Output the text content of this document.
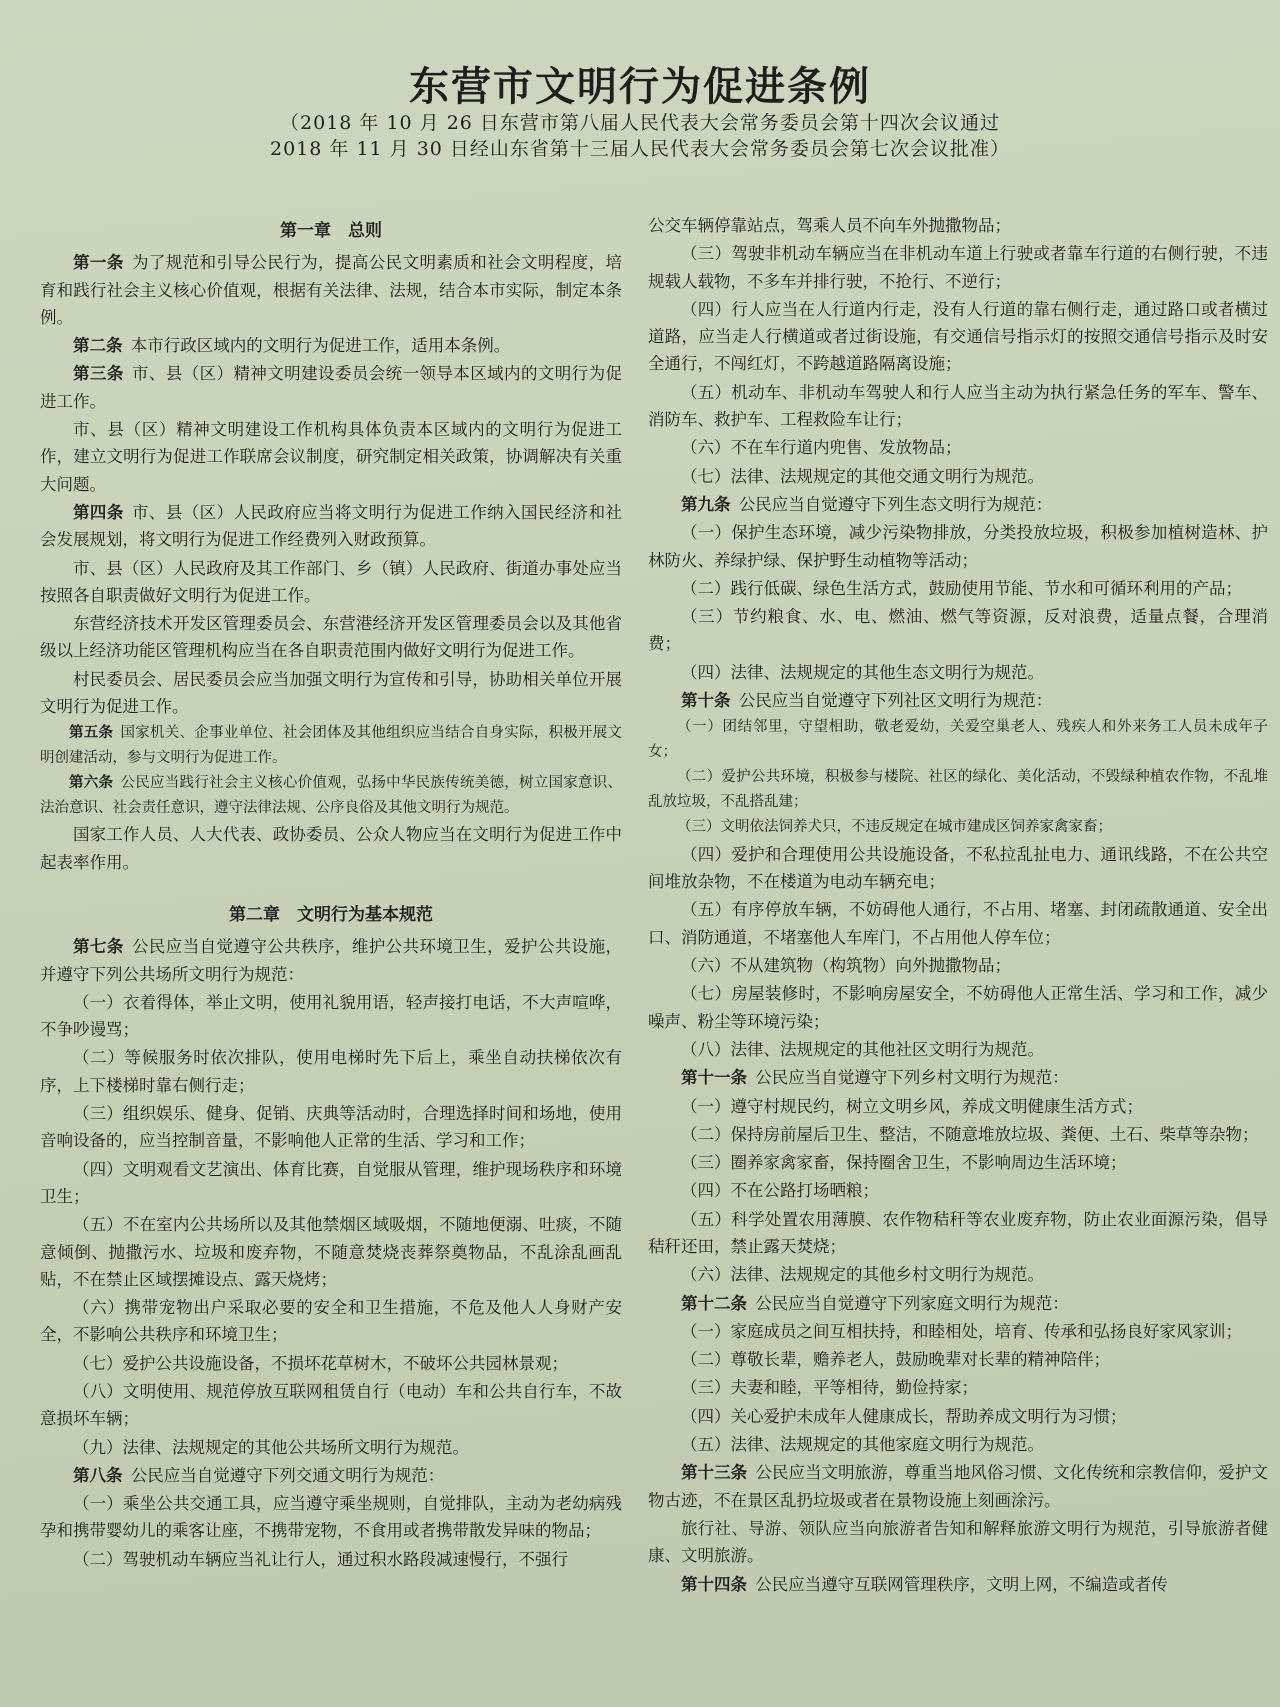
东营市文明行为促进条例

（2018 年 10 月 26 日东营市第八届人民代表大会常务委员会第十四次会议通过

2018 年 11 月 30 日经山东省第十三届人民代表大会常务委员会第七次会议批准）

第一章　总则

第一条 为了规范和引导公民行为，提高公民文明素质和社会文明程度，培育和践行社会主义核心价值观，根据有关法律、法规，结合本市实际，制定本条例。

第二条 本市行政区域内的文明行为促进工作，适用本条例。

第三条 市、县（区）精神文明建设委员会统一领导本区域内的文明行为促进工作。

市、县（区）精神文明建设工作机构具体负责本区域内的文明行为促进工作，建立文明行为促进工作联席会议制度，研究制定相关政策，协调解决有关重大问题。

第四条 市、县（区）人民政府应当将文明行为促进工作纳入国民经济和社会发展规划，将文明行为促进工作经费列入财政预算。

市、县（区）人民政府及其工作部门、乡（镇）人民政府、街道办事处应当按照各自职责做好文明行为促进工作。

东营经济技术开发区管理委员会、东营港经济开发区管理委员会以及其他省级以上经济功能区管理机构应当在各自职责范围内做好文明行为促进工作。

村民委员会、居民委员会应当加强文明行为宣传和引导，协助相关单位开展文明行为促进工作。

第五条 国家机关、企事业单位、社会团体及其他组织应当结合自身实际，积极开展文明创建活动，参与文明行为促进工作。

第六条 公民应当践行社会主义核心价值观，弘扬中华民族传统美德，树立国家意识、法治意识、社会责任意识，遵守法律法规、公序良俗及其他文明行为规范。

国家工作人员、人大代表、政协委员、公众人物应当在文明行为促进工作中起表率作用。

第二章　文明行为基本规范

第七条 公民应当自觉遵守公共秩序，维护公共环境卫生，爱护公共设施，并遵守下列公共场所文明行为规范：

（一）衣着得体，举止文明，使用礼貌用语，轻声接打电话，不大声喧哗，不争吵谩骂；

（二）等候服务时依次排队，使用电梯时先下后上，乘坐自动扶梯依次有序，上下楼梯时靠右侧行走；

（三）组织娱乐、健身、促销、庆典等活动时，合理选择时间和场地，使用音响设备的，应当控制音量，不影响他人正常的生活、学习和工作；

（四）文明观看文艺演出、体育比赛，自觉服从管理，维护现场秩序和环境卫生；

（五）不在室内公共场所以及其他禁烟区域吸烟，不随地便溺、吐痰，不随意倾倒、抛撒污水、垃圾和废弃物，不随意焚烧丧葬祭奠物品，不乱涂乱画乱贴，不在禁止区域摆摊设点、露天烧烤；

（六）携带宠物出户采取必要的安全和卫生措施，不危及他人人身财产安全，不影响公共秩序和环境卫生；

（七）爱护公共设施设备，不损坏花草树木，不破坏公共园林景观；

（八）文明使用、规范停放互联网租赁自行（电动）车和公共自行车，不故意损坏车辆；

（九）法律、法规规定的其他公共场所文明行为规范。

第八条 公民应当自觉遵守下列交通文明行为规范：

（一）乘坐公共交通工具，应当遵守乘坐规则，自觉排队，主动为老幼病残孕和携带婴幼儿的乘客让座，不携带宠物，不食用或者携带散发异味的物品；

（二）驾驶机动车辆应当礼让行人，通过积水路段减速慢行，不强行

公交车辆停靠站点，驾乘人员不向车外抛撒物品；

（三）驾驶非机动车辆应当在非机动车道上行驶或者靠车行道的右侧行驶，不违规载人载物，不多车并排行驶，不抢行、不逆行；

（四）行人应当在人行道内行走，没有人行道的靠右侧行走，通过路口或者横过道路，应当走人行横道或者过街设施，有交通信号指示灯的按照交通信号指示及时安全通行，不闯红灯，不跨越道路隔离设施；

（五）机动车、非机动车驾驶人和行人应当主动为执行紧急任务的军车、警车、消防车、救护车、工程救险车让行；

（六）不在车行道内兜售、发放物品；

（七）法律、法规规定的其他交通文明行为规范。

第九条 公民应当自觉遵守下列生态文明行为规范：

（一）保护生态环境，减少污染物排放，分类投放垃圾，积极参加植树造林、护林防火、养绿护绿、保护野生动植物等活动；

（二）践行低碳、绿色生活方式，鼓励使用节能、节水和可循环利用的产品；

（三）节约粮食、水、电、燃油、燃气等资源，反对浪费，适量点餐，合理消费；

（四）法律、法规规定的其他生态文明行为规范。

第十条 公民应当自觉遵守下列社区文明行为规范：

（一）团结邻里，守望相助，敬老爱幼，关爱空巢老人、残疾人和外来务工人员未成年子女；

（二）爱护公共环境，积极参与楼院、社区的绿化、美化活动，不毁绿种植农作物，不乱堆乱放垃圾，不乱搭乱建；

（三）文明依法饲养犬只，不违反规定在城市建成区饲养家禽家畜；

（四）爱护和合理使用公共设施设备，不私拉乱扯电力、通讯线路，不在公共空间堆放杂物，不在楼道为电动车辆充电；

（五）有序停放车辆，不妨碍他人通行，不占用、堵塞、封闭疏散通道、安全出口、消防通道，不堵塞他人车库门，不占用他人停车位；

（六）不从建筑物（构筑物）向外抛撒物品；

（七）房屋装修时，不影响房屋安全，不妨碍他人正常生活、学习和工作，减少噪声、粉尘等环境污染；

（八）法律、法规规定的其他社区文明行为规范。

第十一条 公民应当自觉遵守下列乡村文明行为规范：

（一）遵守村规民约，树立文明乡风，养成文明健康生活方式；

（二）保持房前屋后卫生、整洁，不随意堆放垃圾、粪便、土石、柴草等杂物；

（三）圈养家禽家畜，保持圈舍卫生，不影响周边生活环境；

（四）不在公路打场晒粮；

（五）科学处置农用薄膜、农作物秸秆等农业废弃物，防止农业面源污染，倡导秸秆还田，禁止露天焚烧；

（六）法律、法规规定的其他乡村文明行为规范。

第十二条 公民应当自觉遵守下列家庭文明行为规范：

（一）家庭成员之间互相扶持，和睦相处，培育、传承和弘扬良好家风家训；

（二）尊敬长辈，赡养老人，鼓励晚辈对长辈的精神陪伴；

（三）夫妻和睦，平等相待，勤俭持家；

（四）关心爱护未成年人健康成长，帮助养成文明行为习惯；

（五）法律、法规规定的其他家庭文明行为规范。

第十三条 公民应当文明旅游，尊重当地风俗习惯、文化传统和宗教信仰，爱护文物古迹，不在景区乱扔垃圾或者在景物设施上刻画涂污。

旅行社、导游、领队应当向旅游者告知和解释旅游文明行为规范，引导旅游者健康、文明旅游。

第十四条 公民应当遵守互联网管理秩序，文明上网，不编造或者传
